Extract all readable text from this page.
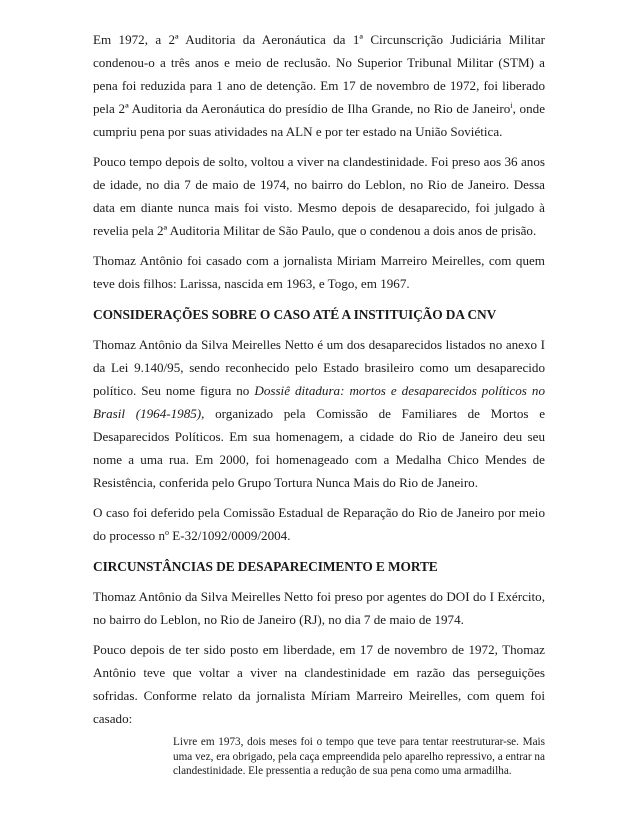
Em 1972, a 2ª Auditoria da Aeronáutica da 1ª Circunscrição Judiciária Militar condenou-o a três anos e meio de reclusão. No Superior Tribunal Militar (STM) a pena foi reduzida para 1 ano de detenção. Em 17 de novembro de 1972, foi liberado pela 2ª Auditoria da Aeronáutica do presídio de Ilha Grande, no Rio de Janeiro$^i$, onde cumpriu pena por suas atividades na ALN e por ter estado na União Soviética.

Pouco tempo depois de solto, voltou a viver na clandestinidade. Foi preso aos 36 anos de idade, no dia 7 de maio de 1974, no bairro do Leblon, no Rio de Janeiro. Dessa data em diante nunca mais foi visto. Mesmo depois de desaparecido, foi julgado à revelia pela 2ª Auditoria Militar de São Paulo, que o condenou a dois anos de prisão.

Thomaz Antônio foi casado com a jornalista Miriam Marreiro Meirelles, com quem teve dois filhos: Larissa, nascida em 1963, e Togo, em 1967.

CONSIDERAÇÕES SOBRE O CASO ATÉ A INSTITUIÇÃO DA CNV

Thomaz Antônio da Silva Meirelles Netto é um dos desaparecidos listados no anexo I da Lei 9.140/95, sendo reconhecido pelo Estado brasileiro como um desaparecido político. Seu nome figura no Dossiê ditadura: mortos e desaparecidos políticos no Brasil (1964-1985), organizado pela Comissão de Familiares de Mortos e Desaparecidos Políticos. Em sua homenagem, a cidade do Rio de Janeiro deu seu nome a uma rua. Em 2000, foi homenageado com a Medalha Chico Mendes de Resistência, conferida pelo Grupo Tortura Nunca Mais do Rio de Janeiro.

O caso foi deferido pela Comissão Estadual de Reparação do Rio de Janeiro por meio do processo $n^o$ E-32/1092/0009/2004.

CIRCUNSTÂNCIAS DE DESAPARECIMENTO E MORTE

Thomaz Antônio da Silva Meirelles Netto foi preso por agentes do DOI do I Exército, no bairro do Leblon, no Rio de Janeiro (RJ), no dia 7 de maio de 1974.

Pouco depois de ter sido posto em liberdade, em 17 de novembro de 1972, Thomaz Antônio teve que voltar a viver na clandestinidade em razão das perseguições sofridas. Conforme relato da jornalista Míriam Marreiro Meirelles, com quem foi casado:

Livre em 1973, dois meses foi o tempo que teve para tentar reestruturar-se. Mais uma vez, era obrigado, pela caça empreendida pelo aparelho repressivo, a entrar na clandestinidade. Ele pressentia a redução de sua pena como uma armadilha.
